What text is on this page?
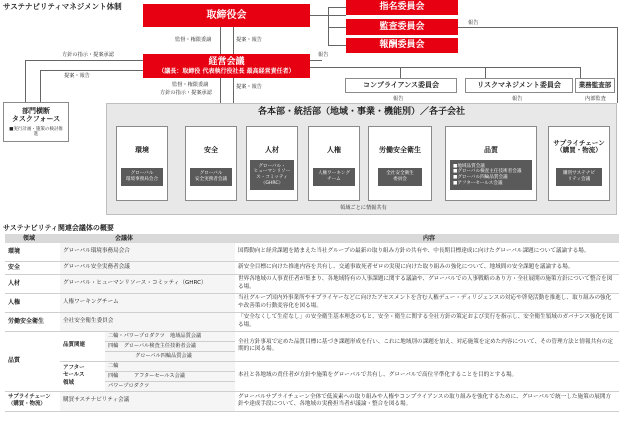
サステナビリティマネジメント体制
取締役会
指名委員会
監査委員会
報酬委員会
報告
監督・権限委譲	提案・報告
報告
経営会議
（議長：取締役 代表執行役社長 最高経営責任者）
方針の指示・提案承認
提案・報告
監督・権限委譲
方針の指示・提案承認
提案・報告	コンプライアンス委員会	リスクマネジメント委員会	業務監査部
報告	報告	内部監査
部門横断
タスクフォース
■実行計画・施策の検討推進
各本部・統括部（地域・事業・機能別）／各子会社
環境
グローバル
環境事務局会合
安全
グローバル
安全実務者会議
人材
グローバル・
ヒューマンリソー
ス・コミッティ
（GHRC）
人権
人権ワーキング
チーム
労働安全衛生
全社安全衛生
委員会
品質
■地域品質会議
■グローバル検査主任技術者会議
■グローバル四輪品質会議
■アフターセールス会議
サプライチェーン
（購買・物流）
購買サステナビ
リティ会議
領域ごとに情報共有
サステナビリティ関連会議体の概要
領域	会議体		内容
環境	グローバル環境事務局会合		国際動向と経営課題を踏まえた当社グループの最新の取り組み方針の共有や、中長期目標達成に向けたグローバル課題について議論する場。
安全	グローバル安全実務者会議		新安全目標に向けた推進内容を共有し、交通事故死者ゼロの実現に向けた取り組みの強化について、地域間の安全課題を議論する場。
人材	グローバル・ヒューマンリソース・コミッティ（GHRC）		世界各地域の人事責任者が集まり、各地域特有の人事課題に関する議論や、グローバルでの人事戦略のあり方・全社展開の施策方針について整合を図る場。
人権	人権ワーキングチーム		当社グループ国内外事業所やサプライヤーなどに向けたアセスメントを含む人権デュー・ディリジェンスの対応や啓発活動を推進し、取り組みの強化や改善策の行動変容化を図る場。
労働安全衛生	全社安全衛生委員会		「安全なくして生産なし」の安全衛生基本理念のもと、安全・衛生に関する全社方針の策定および実行を指示し、安全衛生領域のガバナンス強化を図る場。
品質	品質関連	二輪・パワープロダクツ　 地域品質会議	全社方針事項で定めた品質目標に基づき課題形成を行い、これに地域別の課題を加え、対応施策を定めた内容について、その管理方法と情報共有の定期的に図る場。
		四輪　 グローバル検査主任技術者会議	
		グローバル四輪品質会議	
	アフター
セールス
領域	二輪	本社と各地域の責任者が方針や施策をグローバルで共有し、グローバルで高位平準化することを目的とする場。
		四輪　　　 アフターセールス会議	
		パワープロダクツ	
サプライチェーン
（購買・物流）	購買サステナビリティ会議		グローバルサプライチェーン全体で低炭素への取り組みや人権やコンプライアンスの取り組みを強化するために、グローバルで統一した施策の展開方針や達成手段について、各地域の実務担当者が議論・整合を図る場。
